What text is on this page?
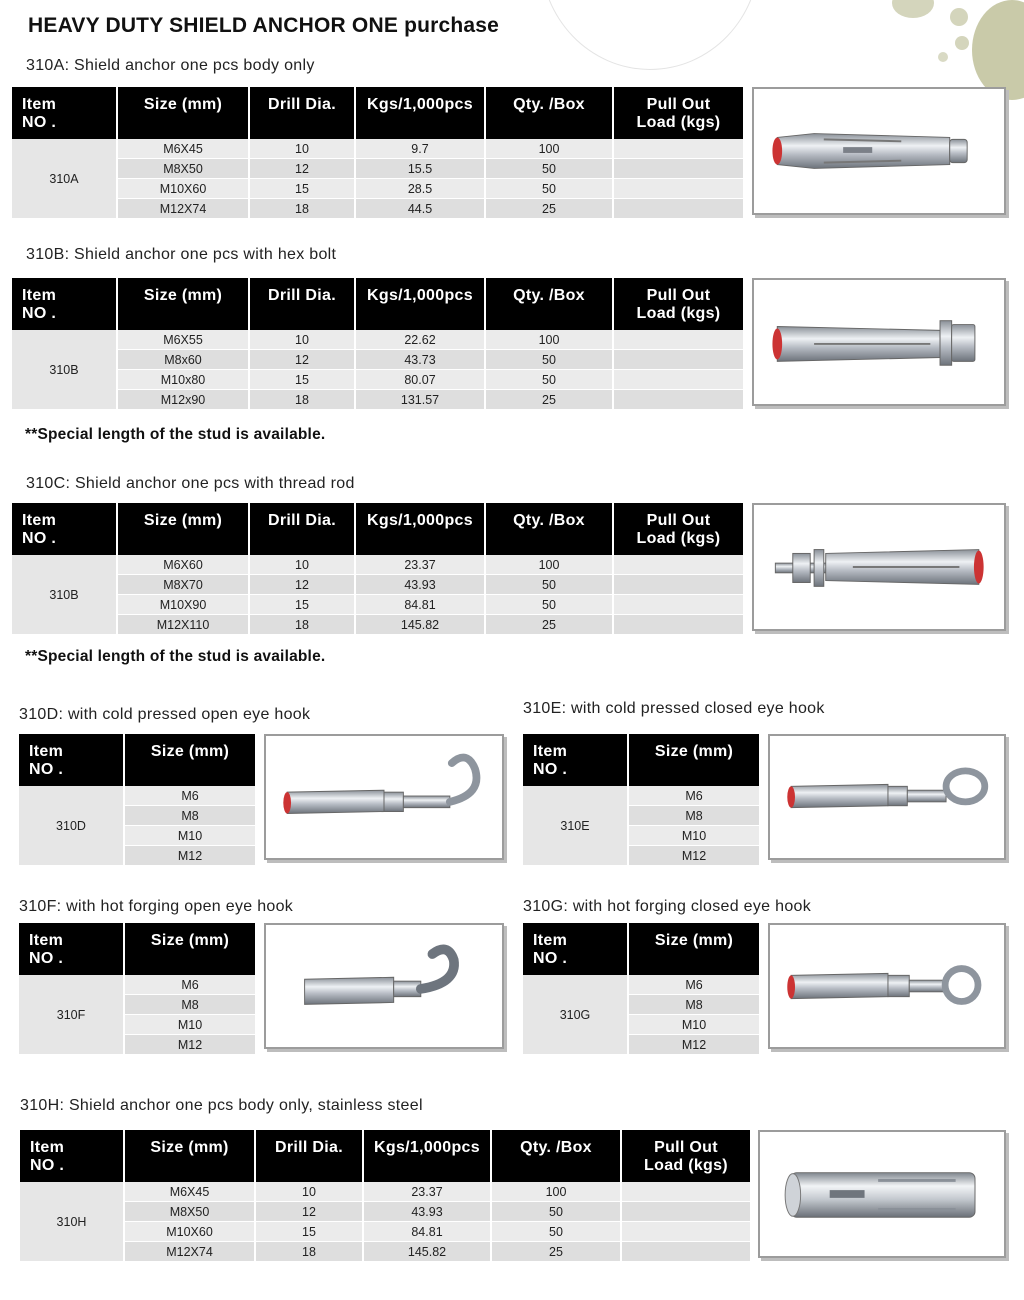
HEAVY DUTY SHIELD ANCHOR ONE purchase
310A: Shield anchor one pcs body only
Item
NO .	Size (mm)	Drill Dia.	Kgs/1,000pcs	Qty. /Box	Pull Out
Load (kgs)
310A	M6X45	10	9.7	100	
	M8X50	12	15.5	50	
	M10X60	15	28.5	50	
	M12X74	18	44.5	25	
310B: Shield anchor one pcs with hex bolt
Item
NO .	Size (mm)	Drill Dia.	Kgs/1,000pcs	Qty. /Box	Pull Out
Load (kgs)
310B	M6X55	10	22.62	100	
	M8x60	12	43.73	50	
	M10x80	15	80.07	50	
	M12x90	18	131.57	25	
**Special length of the stud is available.
310C: Shield anchor one pcs with thread rod
Item
NO .	Size (mm)	Drill Dia.	Kgs/1,000pcs	Qty. /Box	Pull Out
Load (kgs)
310B	M6X60	10	23.37	100	
	M8X70	12	43.93	50	
	M10X90	15	84.81	50	
	M12X110	18	145.82	25	
**Special length of the stud is available.
310D: with cold pressed open eye hook
Item
NO .	Size (mm)
310D	M6
	M8
	M10
	M12
310E: with cold pressed closed eye hook
Item
NO .	Size (mm)
310E	M6
	M8
	M10
	M12
310F: with hot forging open eye hook
Item
NO .	Size (mm)
310F	M6
	M8
	M10
	M12
310G: with hot forging closed eye hook
Item
NO .	Size (mm)
310G	M6
	M8
	M10
	M12
310H: Shield anchor one pcs body only, stainless steel
Item
NO .	Size (mm)	Drill Dia.	Kgs/1,000pcs	Qty. /Box	Pull Out
Load (kgs)
310H	M6X45	10	23.37	100	
	M8X50	12	43.93	50	
	M10X60	15	84.81	50	
	M12X74	18	145.82	25	
